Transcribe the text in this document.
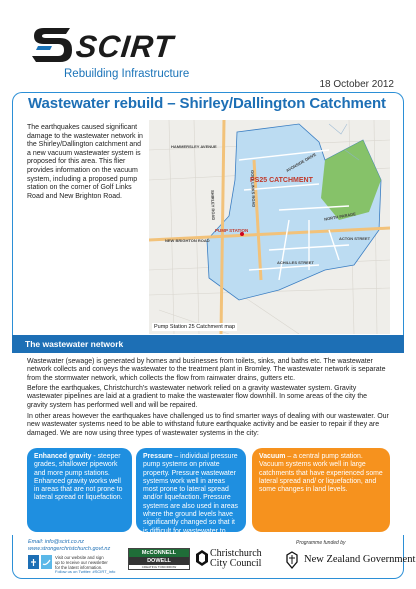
SCIRT
Rebuilding Infrastructure
18 October 2012
Wastewater rebuild – Shirley/Dallington Catchment

The earthquakes caused significant damage to the wastewater network in the Shirley/Dallington catchment and a new vacuum wastewater system is proposed for this area. This flier provides information on the vacuum system, including a proposed pump station on the corner of Golf Links Road and New Brighton Road.

HAMMERSLEY AVENUE
NORTH PARADE
NEW BRIGHTON ROAD
AVONSIDE DRIVE
SHIRLEY ROAD	GOLF LINKS ROAD
ACHILLES STREET
ACTON STREET
PS25 CATCHMENT
PUMP STATION
Pump Station 25 Catchment map
The wastewater network

Wastewater (sewage) is generated by homes and businesses from toilets, sinks, and baths etc. The wastewater network collects and conveys the wastewater to the treatment plant in Bromley. The wastewater network is separate from the stormwater network, which collects the flow from rainwater drains, gutters etc.

Before the earthquakes, Christchurch's wastewater network relied on a gravity wastewater system. Gravity wastewater pipelines are laid at a gradient to make the wastewater flow downhill. In some areas of the city the gravity system has performed well and will be repaired.

In other areas however the earthquakes have challenged us to find smarter ways of dealing with our wastewater. Our new wastewater systems need to be able to withstand future earthquake activity and be easier to repair if they are damaged. We are now using three types of wastewater systems in the city:

Enhanced gravity - steeper grades, shallower pipework and more pump stations. Enhanced gravity works well in areas that are not prone to lateral spread or liquefaction.
Pressure – individual pressure pump systems on private property. Pressure wastewater systems work well in areas most prone to lateral spread and/or liquefaction. Pressure systems are also used in areas where the ground levels have significantly changed so that it is difficult for wastewater to flow in the right direction under
Vacuum – a central pump station. Vacuum systems work well in large catchments that have experienced some lateral spread and/ or liquefaction, and some changes in land levels.
Email: info@scirt.co.nz
www.strongerchristchurch.govt.nz
Visit our website and sign up to receive our newsletter for the latest information.
Follow us on Twitter: #SCIRT_info
McCONNELL
DOWELL
CREATING TOMORROW
Christchurch
City Council
Programme funded by
New Zealand Government
